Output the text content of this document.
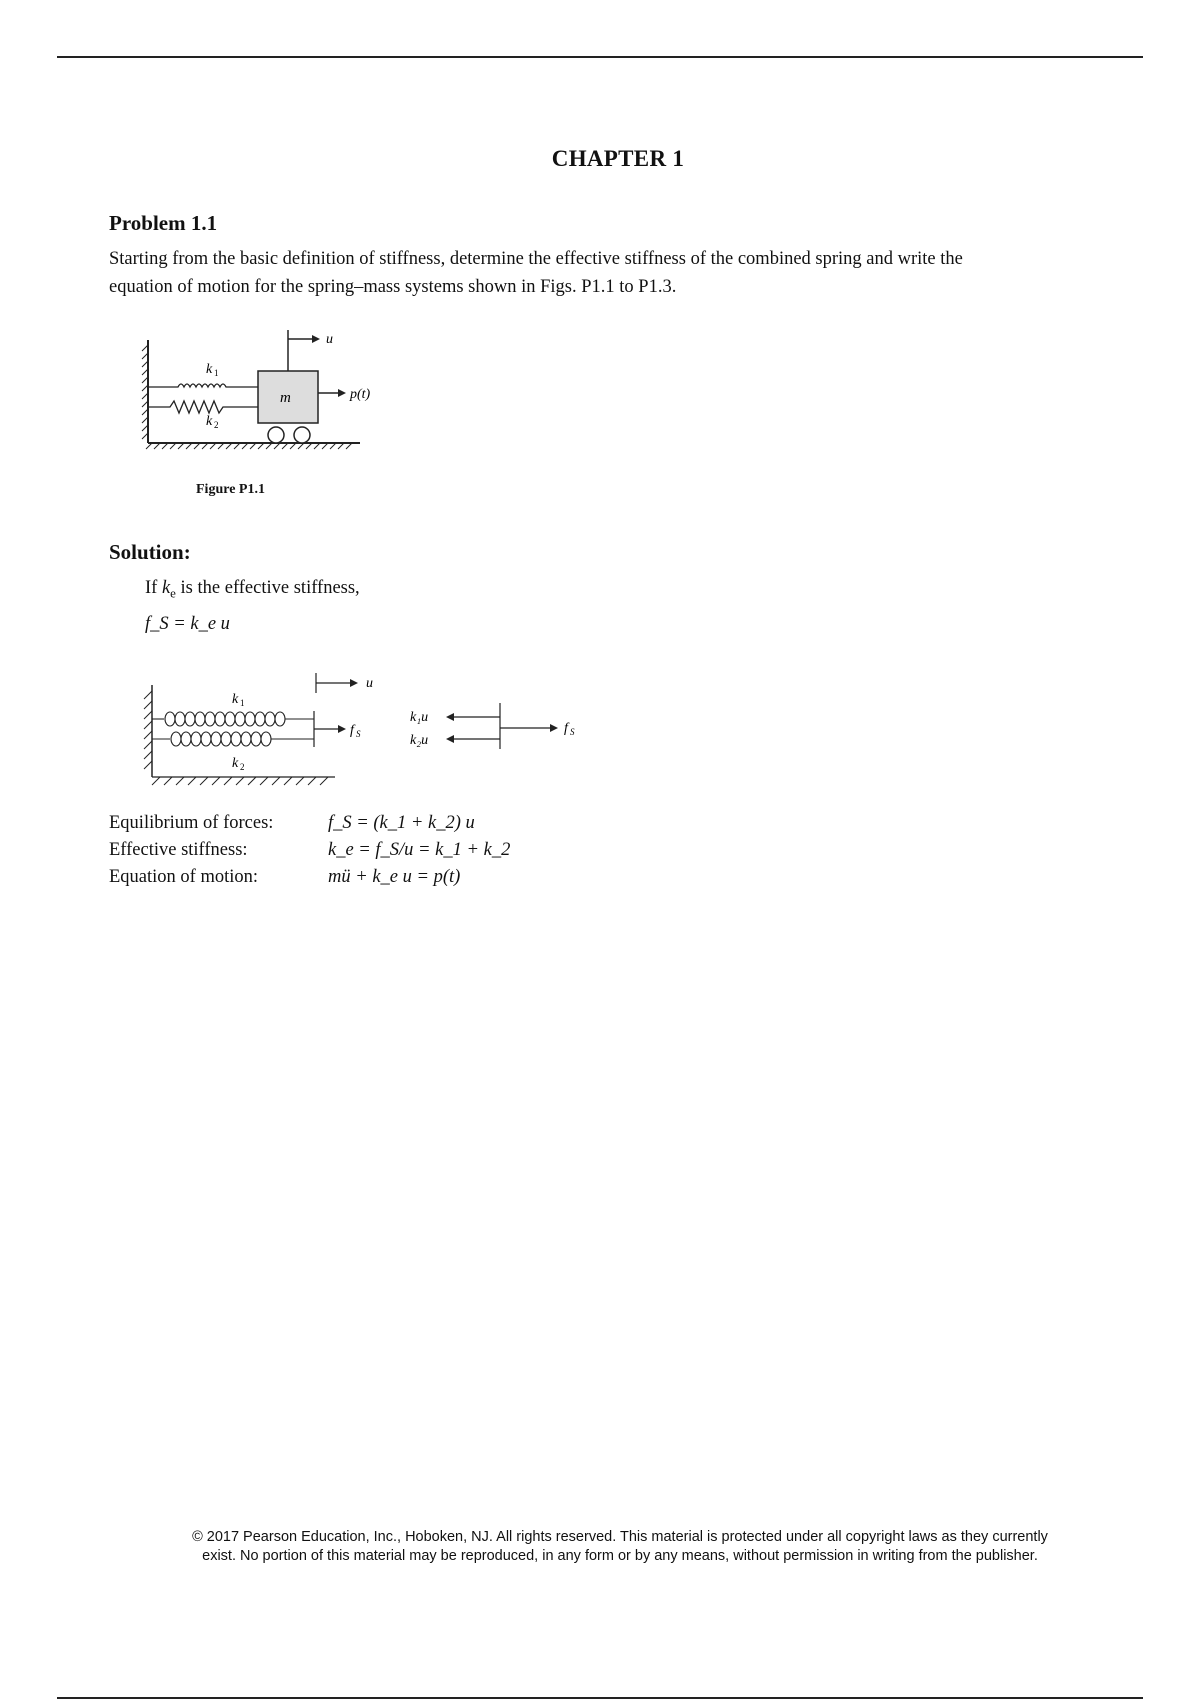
CHAPTER 1
Problem 1.1
Starting from the basic definition of stiffness, determine the effective stiffness of the combined spring and write the equation of motion for the spring–mass systems shown in Figs. P1.1 to P1.3.
u
p(t)
m
k 1
k 2
Figure P1.1
Solution:
If $k_e$ is the effective stiffness,
f_S = k_e u
u
k 1
k 2
f S
k₁u
k₂u
f S
Equilibrium of forces:	f_S = (k_1 + k_2) u
Effective stiffness:	k_e = f_S/u = k_1 + k_2
Equation of motion:	mü + k_e u = p(t)
© 2017 Pearson Education, Inc., Hoboken, NJ. All rights reserved. This material is protected under all copyright laws as they currently
exist. No portion of this material may be reproduced, in any form or by any means, without permission in writing from the publisher.
